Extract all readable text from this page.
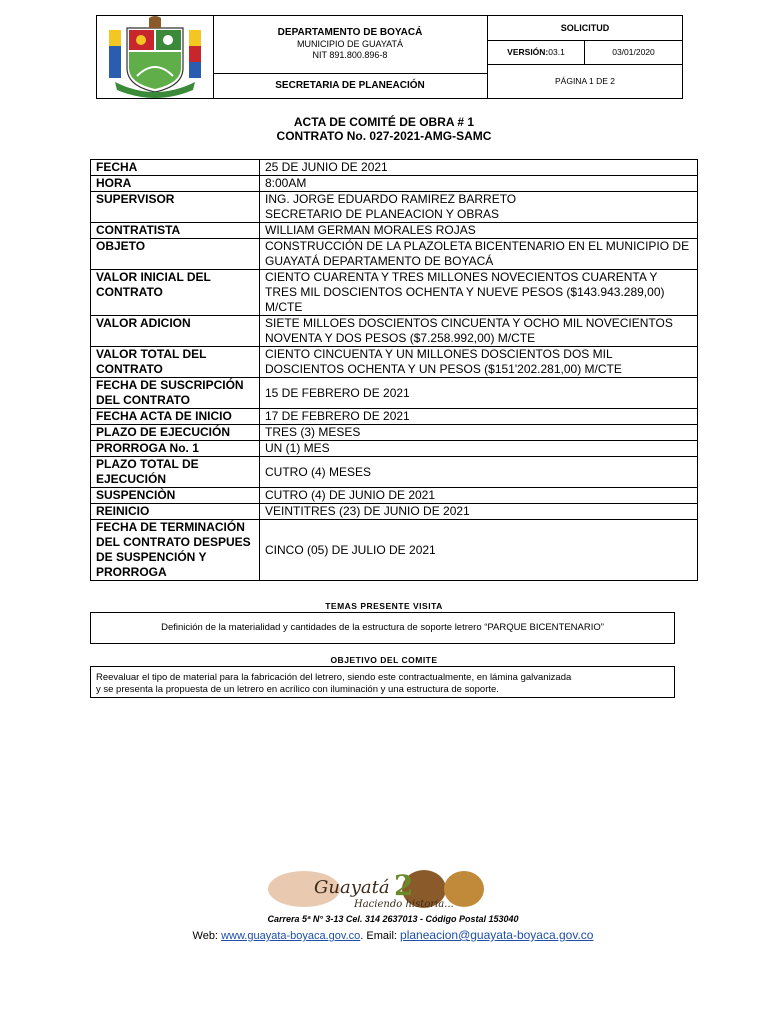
DEPARTAMENTO DE BOYACÁ
MUNICIPIO DE GUAYATÁ
NIT 891.800.896-8
SECRETARIA DE PLANEACIÓN
SOLICITUD
VERSIÓN:03.1	03/01/2020
PÁGINA 1 DE 2
ACTA DE COMITÉ DE OBRA # 1
CONTRATO No. 027-2021-AMG-SAMC
FECHA	25 DE JUNIO DE 2021
HORA	8:00AM
SUPERVISOR	ING. JORGE EDUARDO RAMIREZ BARRETO
SECRETARIO DE PLANEACION Y OBRAS

CONTRATISTA	WILLIAM GERMAN MORALES ROJAS
OBJETO	CONSTRUCCIÓN DE LA PLAZOLETA BICENTENARIO EN EL MUNICIPIO DE GUAYATÁ DEPARTAMENTO DE BOYACÁ
VALOR INICIAL DEL CONTRATO	CIENTO CUARENTA Y TRES MILLONES NOVECIENTOS CUARENTA Y TRES MIL DOSCIENTOS OCHENTA Y NUEVE PESOS ($143.943.289,00) M/CTE
VALOR ADICION	SIETE MILLOES DOSCIENTOS CINCUENTA Y OCHO MIL NOVECIENTOS NOVENTA Y DOS PESOS ($7.258.992,00) M/CTE
VALOR TOTAL DEL CONTRATO	CIENTO CINCUENTA Y UN MILLONES DOSCIENTOS DOS MIL DOSCIENTOS OCHENTA Y UN PESOS ($151'202.281,00) M/CTE
FECHA DE SUSCRIPCIÓN DEL CONTRATO	15 DE FEBRERO DE 2021
FECHA ACTA DE INICIO	17 DE FEBRERO DE 2021
PLAZO DE EJECUCIÓN	TRES (3) MESES
PRORROGA No. 1	UN (1) MES
PLAZO TOTAL DE EJECUCIÓN	CUTRO (4) MESES
SUSPENCIÒN	CUTRO (4) DE JUNIO DE 2021
REINICIO	VEINTITRES (23) DE JUNIO DE 2021
FECHA DE TERMINACIÓN DEL CONTRATO DESPUES DE SUSPENCIÓN Y PRORROGA	CINCO (05) DE JULIO DE 2021
TEMAS PRESENTE VISITA
Definición de la materialidad y cantidades de la estructura de soporte letrero “PARQUE BICENTENARIO”
OBJETIVO DEL COMITE
Reevaluar el tipo de material para la fabricación del letrero, siendo este contractualmente, en lámina galvanizada
y se presenta la propuesta de un letrero en acrílico con iluminación y una estructura de soporte.
Guayatá 2
Haciendo historia...
Carrera 5ª N° 3-13 Cel. 314 2637013 - Código Postal 153040
Web: www.guayata-boyaca.gov.co. Email: planeacion@guayata-boyaca.gov.co
